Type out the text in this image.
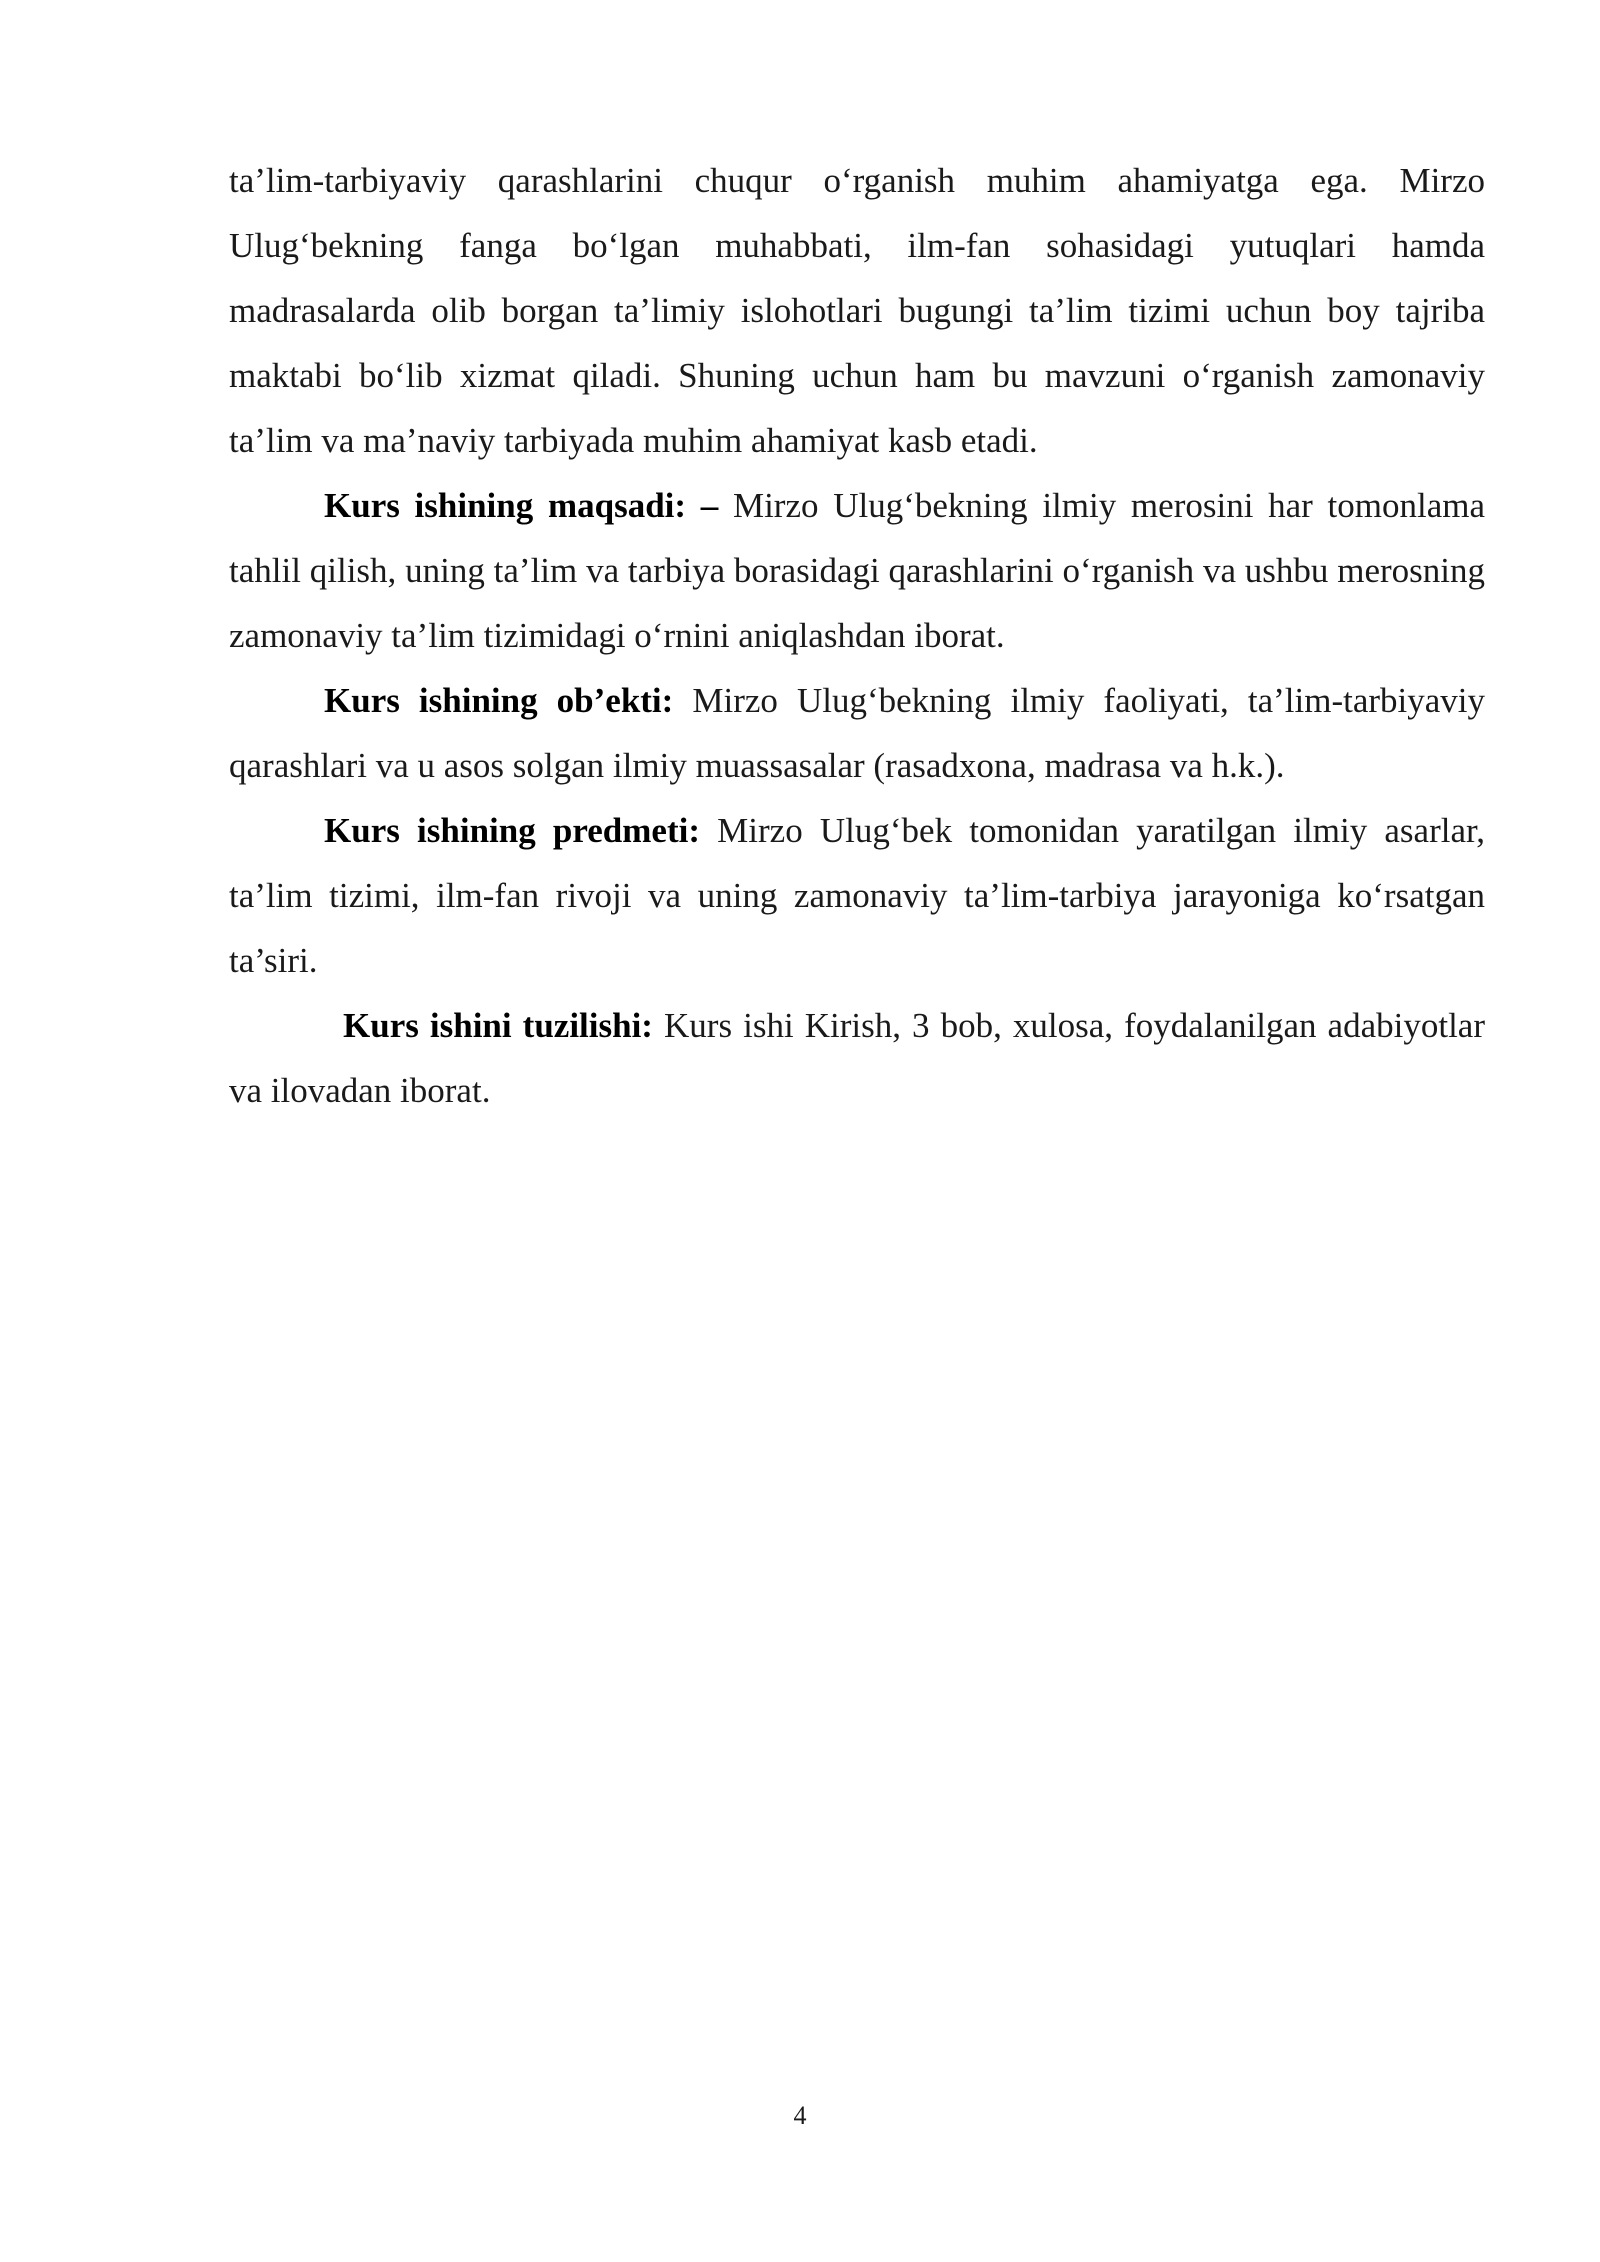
ta’lim-tarbiyaviy qarashlarini chuqur o‘rganish muhim ahamiyatga ega. Mirzo Ulug‘bekning fanga bo‘lgan muhabbati, ilm-fan sohasidagi yutuqlari hamda madrasalarda olib borgan ta’limiy islohotlari bugungi ta’lim tizimi uchun boy tajriba maktabi bo‘lib xizmat qiladi. Shuning uchun ham bu mavzuni o‘rganish zamonaviy ta’lim va ma’naviy tarbiyada muhim ahamiyat kasb etadi.

Kurs ishining maqsadi: – Mirzo Ulug‘bekning ilmiy merosini har tomonlama tahlil qilish, uning ta’lim va tarbiya borasidagi qarashlarini o‘rganish va ushbu merosning zamonaviy ta’lim tizimidagi o‘rnini aniqlashdan iborat.

Kurs ishining ob’ekti: Mirzo Ulug‘bekning ilmiy faoliyati, ta’lim-tarbiyaviy qarashlari va u asos solgan ilmiy muassasalar (rasadxona, madrasa va h.k.).

Kurs ishining predmeti: Mirzo Ulug‘bek tomonidan yaratilgan ilmiy asarlar, ta’lim tizimi, ilm-fan rivoji va uning zamonaviy ta’lim-tarbiya jarayoniga ko‘rsatgan ta’siri.

Kurs ishini tuzilishi: Kurs ishi Kirish, 3 bob, xulosa, foydalanilgan adabiyotlar va ilovadan iborat.

4
